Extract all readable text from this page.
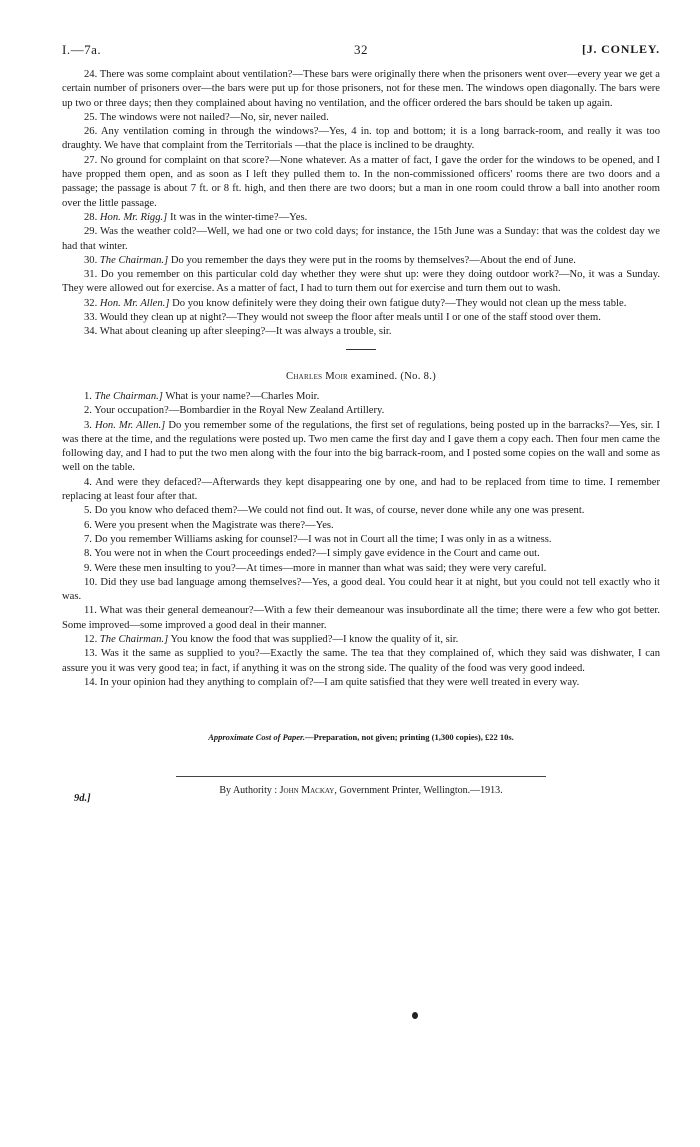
I.—7a.	32	[J. CONLEY.

24. There was some complaint about ventilation?—These bars were originally there when the prisoners went over—every year we get a certain number of prisoners over—the bars were put up for those prisoners, not for these men. The windows open diagonally. The bars were up two or three days; then they complained about having no ventilation, and the officer ordered the bars should be taken up again.

25. The windows were not nailed?—No, sir, never nailed.

26. Any ventilation coming in through the windows?—Yes, 4 in. top and bottom; it is a long barrack-room, and really it was too draughty. We have that complaint from the Territorials —that the place is inclined to be draughty.

27. No ground for complaint on that score?—None whatever. As a matter of fact, I gave the order for the windows to be opened, and I have propped them open, and as soon as I left they pulled them to. In the non-commissioned officers' rooms there are two doors and a passage; the passage is about 7 ft. or 8 ft. high, and then there are two doors; but a man in one room could throw a ball into another room over the little passage.

28. Hon. Mr. Rigg.] It was in the winter-time?—Yes.

29. Was the weather cold?—Well, we had one or two cold days; for instance, the 15th June was a Sunday: that was the coldest day we had that winter.

30. The Chairman.] Do you remember the days they were put in the rooms by themselves?—About the end of June.

31. Do you remember on this particular cold day whether they were shut up: were they doing outdoor work?—No, it was a Sunday. They were allowed out for exercise. As a matter of fact, I had to turn them out for exercise and turn them out to wash.

32. Hon. Mr. Allen.] Do you know definitely were they doing their own fatigue duty?—They would not clean up the mess table.

33. Would they clean up at night?—They would not sweep the floor after meals until I or one of the staff stood over them.

34. What about cleaning up after sleeping?—It was always a trouble, sir.

Charles Moir examined. (No. 8.)

1. The Chairman.] What is your name?—Charles Moir.

2. Your occupation?—Bombardier in the Royal New Zealand Artillery.

3. Hon. Mr. Allen.] Do you remember some of the regulations, the first set of regulations, being posted up in the barracks?—Yes, sir. I was there at the time, and the regulations were posted up. Two men came the first day and I gave them a copy each. Then four men came the following day, and I had to put the two men along with the four into the big barrack-room, and I posted some copies on the wall and some as well on the table.

4. And were they defaced?—Afterwards they kept disappearing one by one, and had to be replaced from time to time. I remember replacing at least four after that.

5. Do you know who defaced them?—We could not find out. It was, of course, never done while any one was present.

6. Were you present when the Magistrate was there?—Yes.

7. Do you remember Williams asking for counsel?—I was not in Court all the time; I was only in as a witness.

8. You were not in when the Court proceedings ended?—I simply gave evidence in the Court and came out.

9. Were these men insulting to you?—At times—more in manner than what was said; they were very careful.

10. Did they use bad language among themselves?—Yes, a good deal. You could hear it at night, but you could not tell exactly who it was.

11. What was their general demeanour?—With a few their demeanour was insubordinate all the time; there were a few who got better. Some improved—some improved a good deal in their manner.

12. The Chairman.] You know the food that was supplied?—I know the quality of it, sir.

13. Was it the same as supplied to you?—Exactly the same. The tea that they complained of, which they said was dishwater, I can assure you it was very good tea; in fact, if anything it was on the strong side. The quality of the food was very good indeed.

14. In your opinion had they anything to complain of?—I am quite satisfied that they were well treated in every way.

Approximate Cost of Paper.—Preparation, not given; printing (1,300 copies), £22 10s.
9d.]
By Authority : John Mackay, Government Printer, Wellington.—1913.
